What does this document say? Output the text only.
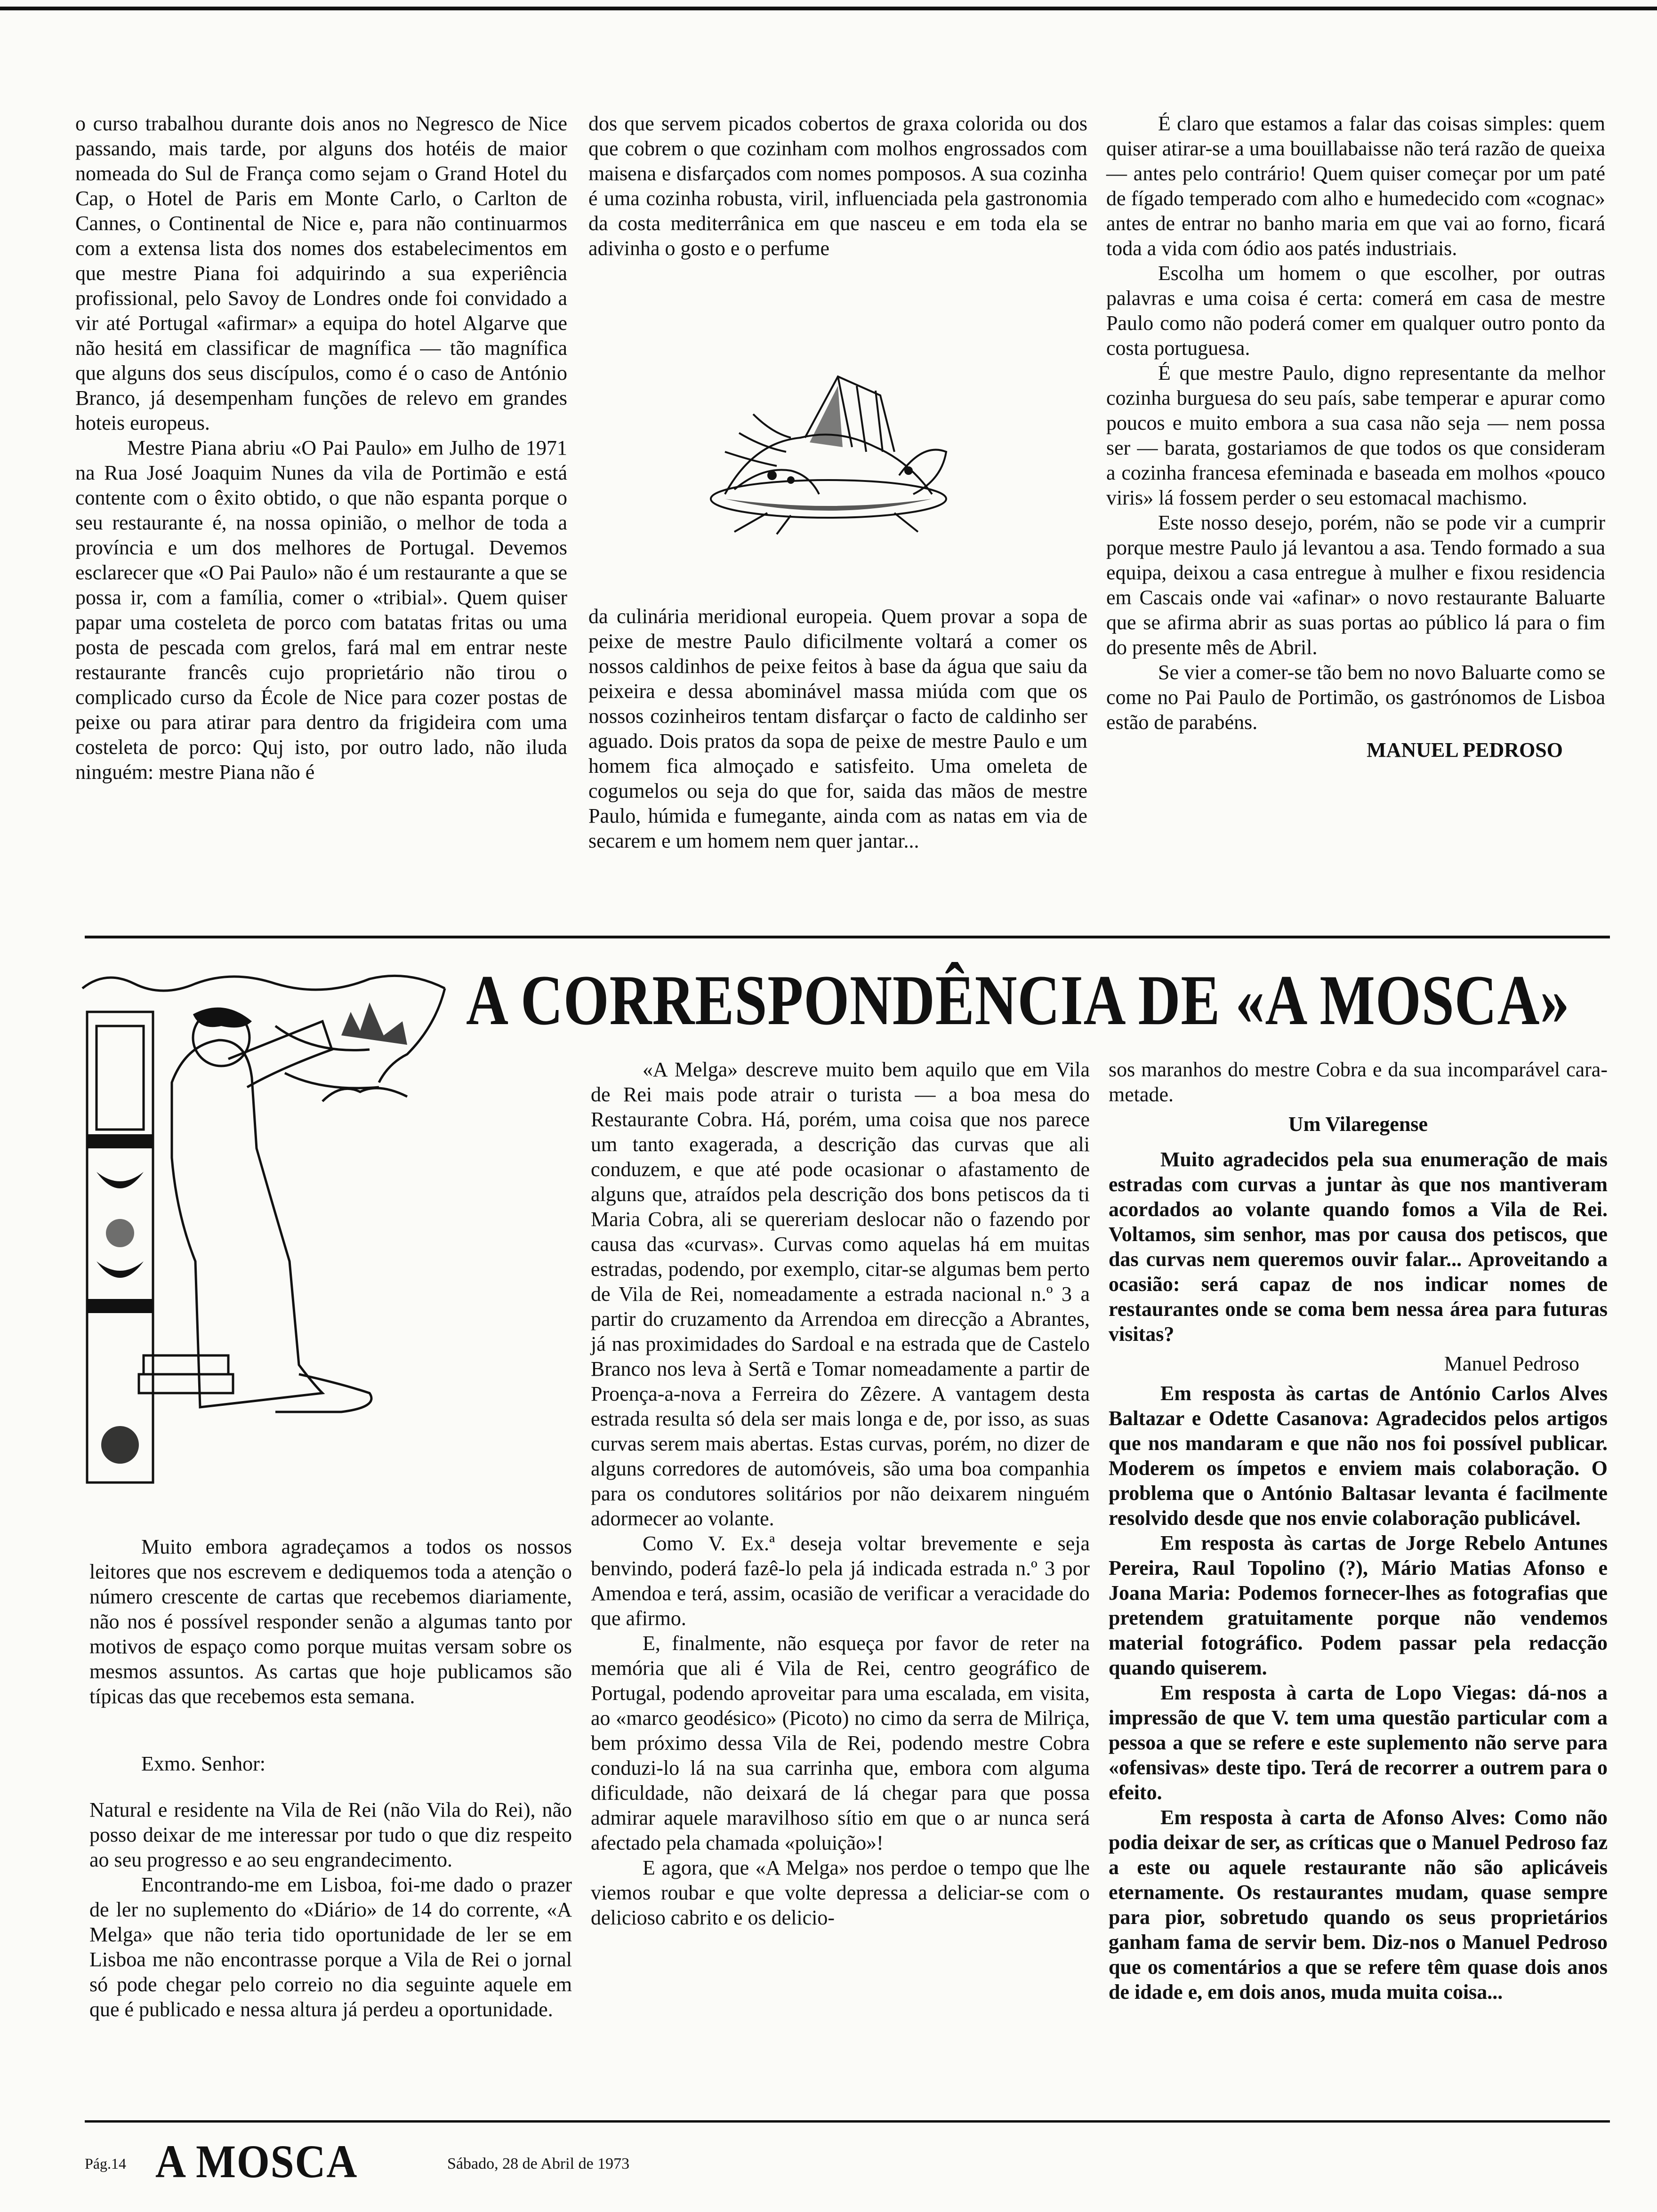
o curso trabalhou durante dois anos no Negresco de Nice passando, mais tarde, por alguns dos hotéis de maior nomeada do Sul de França como sejam o Grand Hotel du Cap, o Hotel de Paris em Monte Carlo, o Carlton de Cannes, o Continental de Nice e, para não continuarmos com a extensa lista dos nomes dos estabelecimentos em que mestre Piana foi adquirindo a sua experiência profissional, pelo Savoy de Londres onde foi convidado a vir até Portugal «afirmar» a equipa do hotel Algarve que não hesitá em classificar de magnífica — tão magnífica que alguns dos seus discípulos, como é o caso de António Branco, já desempenham funções de relevo em grandes hoteis europeus.

Mestre Piana abriu «O Pai Paulo» em Julho de 1971 na Rua José Joaquim Nunes da vila de Portimão e está contente com o êxito obtido, o que não espanta porque o seu restaurante é, na nossa opinião, o melhor de toda a província e um dos melhores de Portugal. Devemos esclarecer que «O Pai Paulo» não é um restaurante a que se possa ir, com a família, comer o «tribial». Quem quiser papar uma costeleta de porco com batatas fritas ou uma posta de pescada com grelos, fará mal em entrar neste restaurante francês cujo proprietário não tirou o complicado curso da École de Nice para cozer postas de peixe ou para atirar para dentro da frigideira com uma costeleta de porco: Quj isto, por outro lado, não iluda ninguém: mestre Piana não é

dos que servem picados cobertos de graxa colorida ou dos que cobrem o que cozinham com molhos engrossados com maisena e disfarçados com nomes pomposos. A sua cozinha é uma cozinha robusta, viril, influenciada pela gastronomia da costa mediterrânica em que nasceu e em toda ela se adivinha o gosto e o perfume

da culinária meridional europeia. Quem provar a sopa de peixe de mestre Paulo dificilmente voltará a comer os nossos caldinhos de peixe feitos à base da água que saiu da peixeira e dessa abominável massa miúda com que os nossos cozinheiros tentam disfarçar o facto de caldinho ser aguado. Dois pratos da sopa de peixe de mestre Paulo e um homem fica almoçado e satisfeito. Uma omeleta de cogumelos ou seja do que for, saida das mãos de mestre Paulo, húmida e fumegante, ainda com as natas em via de secarem e um homem nem quer jantar...

É claro que estamos a falar das coisas simples: quem quiser atirar-se a uma bouillabaisse não terá razão de queixa — antes pelo contrário! Quem quiser começar por um paté de fígado temperado com alho e humedecido com «cognac» antes de entrar no banho maria em que vai ao forno, ficará toda a vida com ódio aos patés industriais.

Escolha um homem o que escolher, por outras palavras e uma coisa é certa: comerá em casa de mestre Paulo como não poderá comer em qualquer outro ponto da costa portuguesa.

É que mestre Paulo, digno representante da melhor cozinha burguesa do seu país, sabe temperar e apurar como poucos e muito embora a sua casa não seja — nem possa ser — barata, gostariamos de que todos os que consideram a cozinha francesa efeminada e baseada em molhos «pouco viris» lá fossem perder o seu estomacal machismo.

Este nosso desejo, porém, não se pode vir a cumprir porque mestre Paulo já levantou a asa. Tendo formado a sua equipa, deixou a casa entregue à mulher e fixou residencia em Cascais onde vai «afinar» o novo restaurante Baluarte que se afirma abrir as suas portas ao público lá para o fim do presente mês de Abril.

Se vier a comer-se tão bem no novo Baluarte como se come no Pai Paulo de Portimão, os gastrónomos de Lisboa estão de parabéns.

MANUEL PEDROSO

A CORRESPONDÊNCIA DE «A MOSCA»

Muito embora agradeçamos a todos os nossos leitores que nos escrevem e dediquemos toda a atenção o número crescente de cartas que recebemos diariamente, não nos é possível responder senão a algumas tanto por motivos de espaço como porque muitas versam sobre os mesmos assuntos. As cartas que hoje publicamos são típicas das que recebemos esta semana.

Exmo. Senhor:

Natural e residente na Vila de Rei (não Vila do Rei), não posso deixar de me interessar por tudo o que diz respeito ao seu progresso e ao seu engrandecimento.

Encontrando-me em Lisboa, foi-me dado o prazer de ler no suplemento do «Diário» de 14 do corrente, «A Melga» que não teria tido oportunidade de ler se em Lisboa me não encontrasse porque a Vila de Rei o jornal só pode chegar pelo correio no dia seguinte aquele em que é publicado e nessa altura já perdeu a oportunidade.

«A Melga» descreve muito bem aquilo que em Vila de Rei mais pode atrair o turista — a boa mesa do Restaurante Cobra. Há, porém, uma coisa que nos parece um tanto exagerada, a descrição das curvas que ali conduzem, e que até pode ocasionar o afastamento de alguns que, atraídos pela descrição dos bons petiscos da ti Maria Cobra, ali se quereriam deslocar não o fazendo por causa das «curvas». Curvas como aquelas há em muitas estradas, podendo, por exemplo, citar-se algumas bem perto de Vila de Rei, nomeadamente a estrada nacional n.º 3 a partir do cruzamento da Arrendoa em direcção a Abrantes, já nas proximidades do Sardoal e na estrada que de Castelo Branco nos leva à Sertã e Tomar nomeadamente a partir de Proença-a-nova a Ferreira do Zêzere. A vantagem desta estrada resulta só dela ser mais longa e de, por isso, as suas curvas serem mais abertas. Estas curvas, porém, no dizer de alguns corredores de automóveis, são uma boa companhia para os condutores solitários por não deixarem ninguém adormecer ao volante.

Como V. Ex.ª deseja voltar brevemente e seja benvindo, poderá fazê-lo pela já indicada estrada n.º 3 por Amendoa e terá, assim, ocasião de verificar a veracidade do que afirmo.

E, finalmente, não esqueça por favor de reter na memória que ali é Vila de Rei, centro geográfico de Portugal, podendo aproveitar para uma escalada, em visita, ao «marco geodésico» (Picoto) no cimo da serra de Milriça, bem próximo dessa Vila de Rei, podendo mestre Cobra conduzi-lo lá na sua carrinha que, embora com alguma dificuldade, não deixará de lá chegar para que possa admirar aquele maravilhoso sítio em que o ar nunca será afectado pela chamada «poluição»!

E agora, que «A Melga» nos perdoe o tempo que lhe viemos roubar e que volte depressa a deliciar-se com o delicioso cabrito e os delicio-

sos maranhos do mestre Cobra e da sua incomparável cara-metade.

Um Vilaregense

Muito agradecidos pela sua enumeração de mais estradas com curvas a juntar às que nos mantiveram acordados ao volante quando fomos a Vila de Rei. Voltamos, sim senhor, mas por causa dos petiscos, que das curvas nem queremos ouvir falar... Aproveitando a ocasião: será capaz de nos indicar nomes de restaurantes onde se coma bem nessa área para futuras visitas?

Manuel Pedroso

Em resposta às cartas de António Carlos Alves Baltazar e Odette Casanova: Agradecidos pelos artigos que nos mandaram e que não nos foi possível publicar. Moderem os ímpetos e enviem mais colaboração. O problema que o António Baltasar levanta é facilmente resolvido desde que nos envie colaboração publicável.

Em resposta às cartas de Jorge Rebelo Antunes Pereira, Raul Topolino (?), Mário Matias Afonso e Joana Maria: Podemos fornecer-lhes as fotografias que pretendem gratuitamente porque não vendemos material fotográfico. Podem passar pela redacção quando quiserem.

Em resposta à carta de Lopo Viegas: dá-nos a impressão de que V. tem uma questão particular com a pessoa a que se refere e este suplemento não serve para «ofensivas» deste tipo. Terá de recorrer a outrem para o efeito.

Em resposta à carta de Afonso Alves: Como não podia deixar de ser, as críticas que o Manuel Pedroso faz a este ou aquele restaurante não são aplicáveis eternamente. Os restaurantes mudam, quase sempre para pior, sobretudo quando os seus proprietários ganham fama de servir bem. Diz-nos o Manuel Pedroso que os comentários a que se refere têm quase dois anos de idade e, em dois anos, muda muita coisa...

Pág.14 A MOSCA	Sábado, 28 de Abril de 1973
